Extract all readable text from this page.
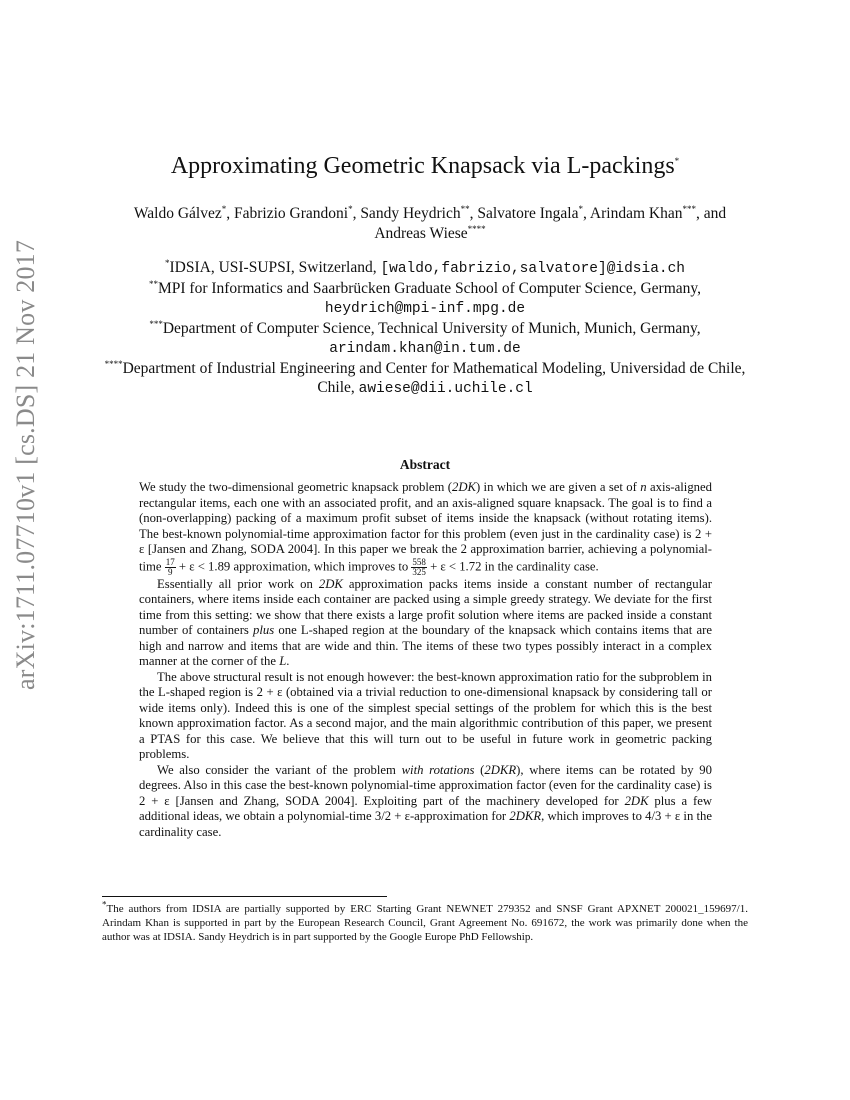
arXiv:1711.07710v1 [cs.DS] 21 Nov 2017
Approximating Geometric Knapsack via L-packings*
Waldo Gálvez*, Fabrizio Grandoni*, Sandy Heydrich**, Salvatore Ingala*, Arindam Khan***, and
Andreas Wiese****
*IDSIA, USI-SUPSI, Switzerland, [waldo,fabrizio,salvatore]@idsia.ch
**MPI for Informatics and Saarbrücken Graduate School of Computer Science, Germany,
heydrich@mpi-inf.mpg.de
***Department of Computer Science, Technical University of Munich, Munich, Germany,
arindam.khan@in.tum.de
****Department of Industrial Engineering and Center for Mathematical Modeling, Universidad de Chile, Chile, awiese@dii.uchile.cl
Abstract

We study the two-dimensional geometric knapsack problem (2DK) in which we are given a set of n axis-aligned rectangular items, each one with an associated profit, and an axis-aligned square knapsack. The goal is to find a (non-overlapping) packing of a maximum profit subset of items inside the knapsack (without rotating items). The best-known polynomial-time approximation factor for this problem (even just in the cardinality case) is 2 + ε [Jansen and Zhang, SODA 2004]. In this paper we break the 2 approximation barrier, achieving a polynomial-time $\frac{17}{9} + \varepsilon < 1.89$ approximation, which improves to $\frac{558}{325} + \varepsilon < 1.72$ in the cardinality case.

Essentially all prior work on 2DK approximation packs items inside a constant number of rectangular containers, where items inside each container are packed using a simple greedy strategy. We deviate for the first time from this setting: we show that there exists a large profit solution where items are packed inside a constant number of containers plus one L-shaped region at the boundary of the knapsack which contains items that are high and narrow and items that are wide and thin. The items of these two types possibly interact in a complex manner at the corner of the L.

The above structural result is not enough however: the best-known approximation ratio for the subproblem in the L-shaped region is 2 + ε (obtained via a trivial reduction to one-dimensional knapsack by considering tall or wide items only). Indeed this is one of the simplest special settings of the problem for which this is the best known approximation factor. As a second major, and the main algorithmic contribution of this paper, we present a PTAS for this case. We believe that this will turn out to be useful in future work in geometric packing problems.

We also consider the variant of the problem with rotations (2DKR), where items can be rotated by 90 degrees. Also in this case the best-known polynomial-time approximation factor (even for the cardinality case) is 2 + ε [Jansen and Zhang, SODA 2004]. Exploiting part of the machinery developed for 2DK plus a few additional ideas, we obtain a polynomial-time 3/2 + ε-approximation for 2DKR, which improves to 4/3 + ε in the cardinality case.

*The authors from IDSIA are partially supported by ERC Starting Grant NEWNET 279352 and SNSF Grant APXNET 200021_159697/1. Arindam Khan is supported in part by the European Research Council, Grant Agreement No. 691672, the work was primarily done when the author was at IDSIA. Sandy Heydrich is in part supported by the Google Europe PhD Fellowship.
